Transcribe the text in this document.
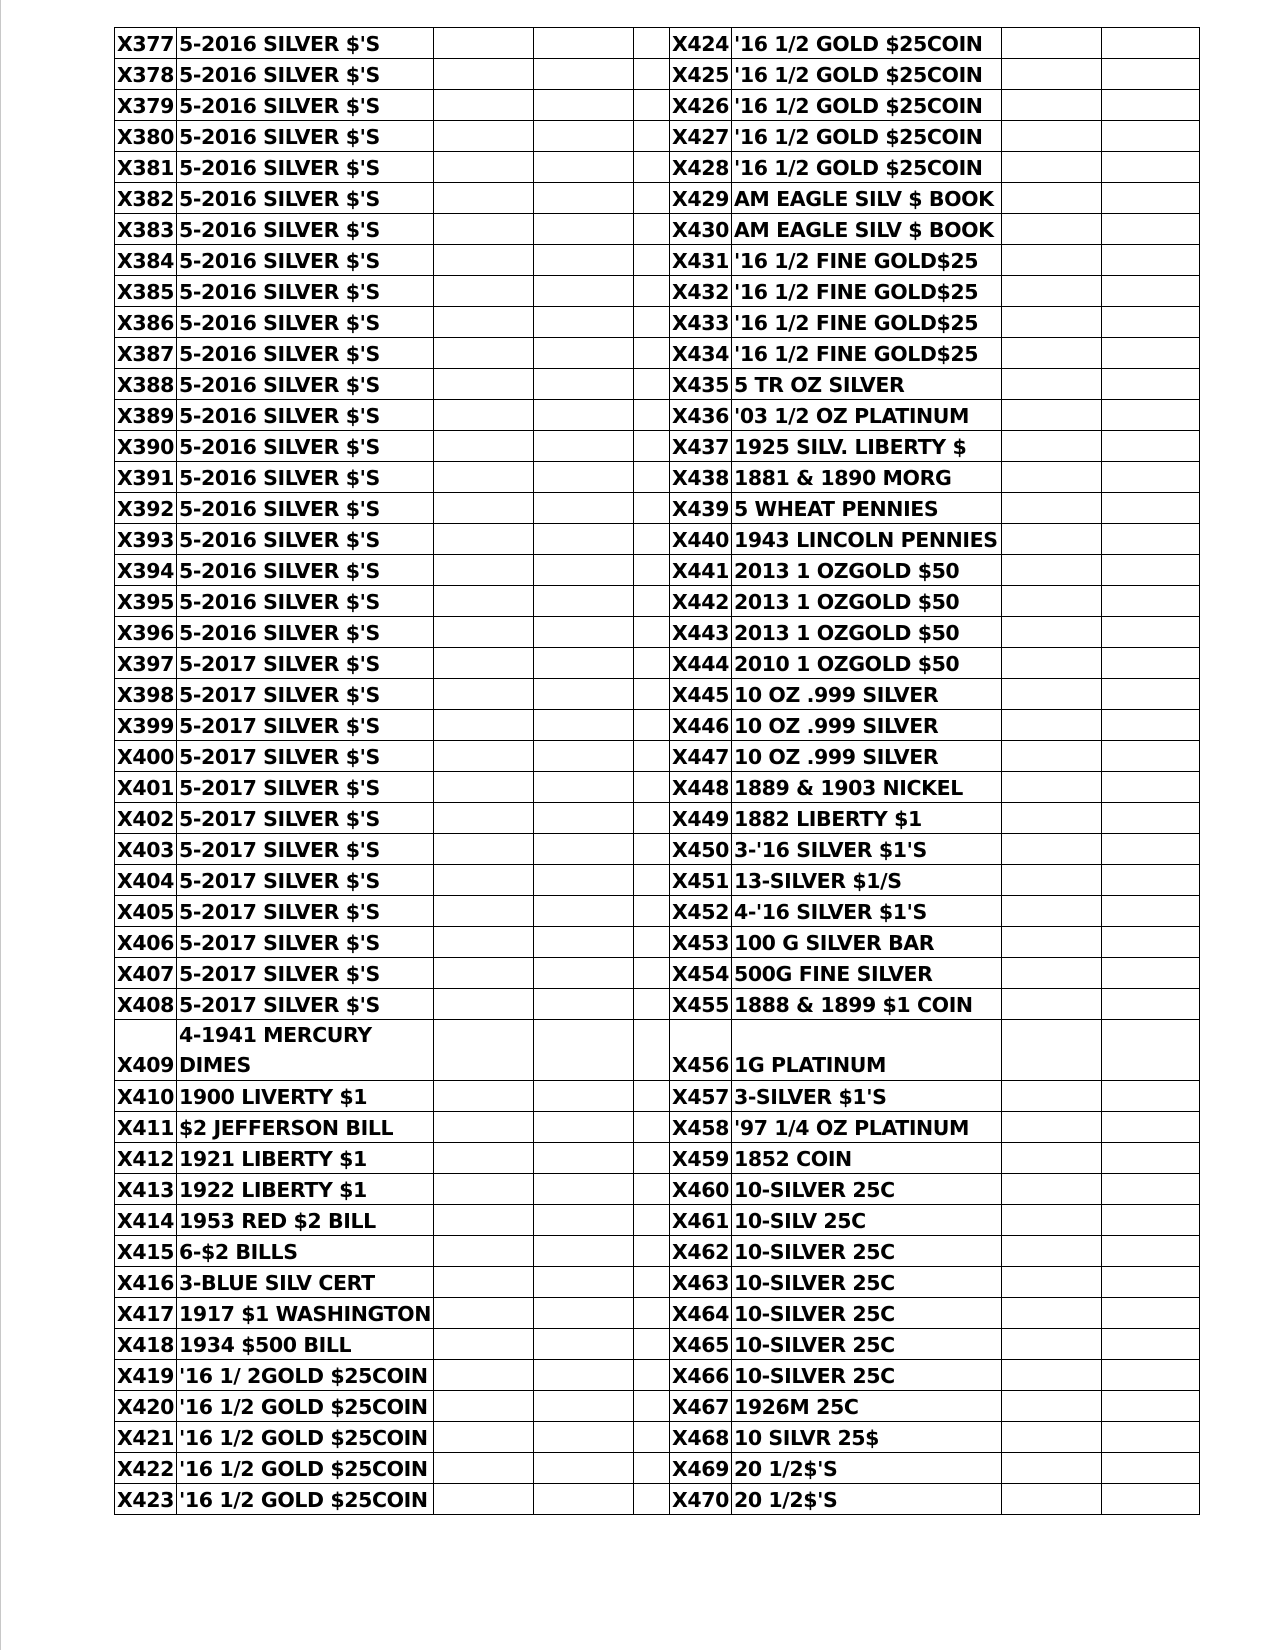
X377	5-2016 SILVER $'S				X424	'16 1/2 GOLD $25COIN		
X378	5-2016 SILVER $'S				X425	'16 1/2 GOLD $25COIN		
X379	5-2016 SILVER $'S				X426	'16 1/2 GOLD $25COIN		
X380	5-2016 SILVER $'S				X427	'16 1/2 GOLD $25COIN		
X381	5-2016 SILVER $'S				X428	'16 1/2 GOLD $25COIN		
X382	5-2016 SILVER $'S				X429	AM EAGLE SILV $ BOOK		
X383	5-2016 SILVER $'S				X430	AM EAGLE SILV $ BOOK		
X384	5-2016 SILVER $'S				X431	'16 1/2 FINE GOLD$25		
X385	5-2016 SILVER $'S				X432	'16 1/2 FINE GOLD$25		
X386	5-2016 SILVER $'S				X433	'16 1/2 FINE GOLD$25		
X387	5-2016 SILVER $'S				X434	'16 1/2 FINE GOLD$25		
X388	5-2016 SILVER $'S				X435	5 TR OZ SILVER		
X389	5-2016 SILVER $'S				X436	'03 1/2 OZ PLATINUM		
X390	5-2016 SILVER $'S				X437	1925 SILV. LIBERTY $		
X391	5-2016 SILVER $'S				X438	1881 & 1890 MORG		
X392	5-2016 SILVER $'S				X439	5 WHEAT PENNIES		
X393	5-2016 SILVER $'S				X440	1943 LINCOLN PENNIES		
X394	5-2016 SILVER $'S				X441	2013 1 OZGOLD $50		
X395	5-2016 SILVER $'S				X442	2013 1 OZGOLD $50		
X396	5-2016 SILVER $'S				X443	2013 1 OZGOLD $50		
X397	5-2017 SILVER $'S				X444	2010 1 OZGOLD $50		
X398	5-2017 SILVER $'S				X445	10 OZ .999 SILVER		
X399	5-2017 SILVER $'S				X446	10 OZ .999 SILVER		
X400	5-2017 SILVER $'S				X447	10 OZ .999 SILVER		
X401	5-2017 SILVER $'S				X448	1889 & 1903 NICKEL		
X402	5-2017 SILVER $'S				X449	1882 LIBERTY $1		
X403	5-2017 SILVER $'S				X450	3-'16 SILVER $1'S		
X404	5-2017 SILVER $'S				X451	13-SILVER $1/S		
X405	5-2017 SILVER $'S				X452	4-'16 SILVER $1'S		
X406	5-2017 SILVER $'S				X453	100 G SILVER BAR		
X407	5-2017 SILVER $'S				X454	500G FINE SILVER		
X408	5-2017 SILVER $'S				X455	1888 & 1899 $1 COIN		
X409	4-1941 MERCURY DIMES				X456	1G PLATINUM		
X410	1900 LIVERTY $1				X457	3-SILVER $1'S		
X411	$2 JEFFERSON BILL				X458	'97 1/4 OZ PLATINUM		
X412	1921 LIBERTY $1				X459	1852 COIN		
X413	1922 LIBERTY $1				X460	10-SILVER 25C		
X414	1953 RED $2 BILL				X461	10-SILV 25C		
X415	6-$2 BILLS				X462	10-SILVER 25C		
X416	3-BLUE SILV CERT				X463	10-SILVER 25C		
X417	1917 $1 WASHINGTON				X464	10-SILVER 25C		
X418	1934 $500 BILL				X465	10-SILVER 25C		
X419	'16 1/ 2GOLD $25COIN				X466	10-SILVER 25C		
X420	'16 1/2 GOLD $25COIN				X467	1926M 25C		
X421	'16 1/2 GOLD $25COIN				X468	10 SILVR 25$		
X422	'16 1/2 GOLD $25COIN				X469	20 1/2$'S		
X423	'16 1/2 GOLD $25COIN				X470	20 1/2$'S		
